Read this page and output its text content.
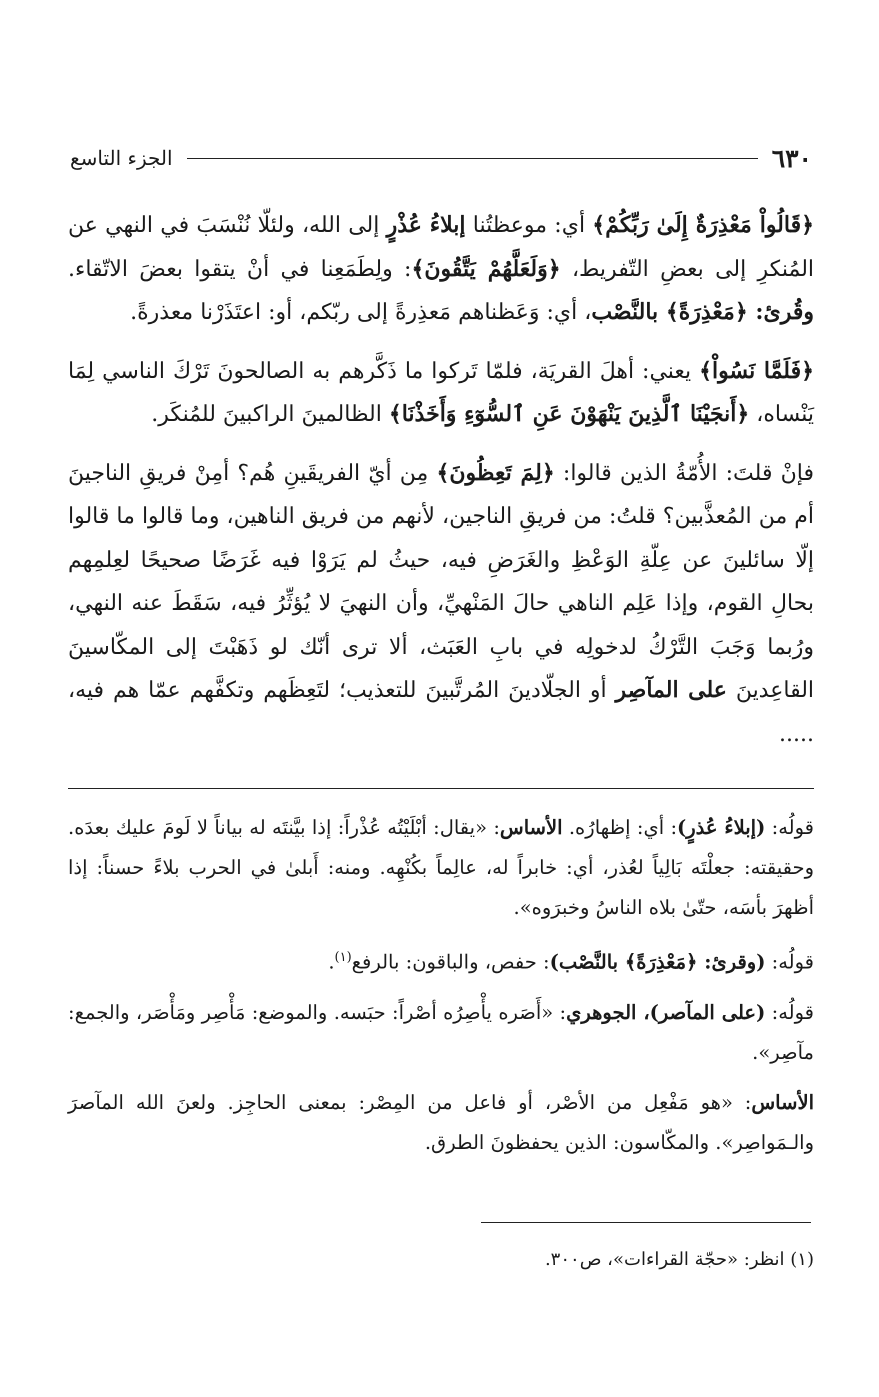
٦٣٠
الجزء التاسع

﴿قَالُواْ مَعْذِرَةٌ إِلَىٰ رَبِّكُمْ﴾ أي: موعظتُنا إبلاءُ عُذْرٍ إلى الله، ولئلّا نُنْسَبَ في النهي عن المُنكرِ إلى بعضِ التّفريط، ﴿وَلَعَلَّهُمْ يَتَّقُونَ﴾: ولِطَمَعِنا في أنْ يتقوا بعضَ الاتّقاء. وقُرئ: ﴿مَعْذِرَةً﴾ بالنَّصْب، أي: وَعَظناهم مَعذِرةً إلى ربّكم، أو: اعتَذَرْنا معذرةً.

﴿فَلَمَّا نَسُواْ﴾ يعني: أهلَ القريَة، فلمّا تَركوا ما ذَكَّرهم به الصالحونَ تَرْكَ الناسي لِمَا يَنْساه، ﴿أَنجَيْنَا ٱلَّذِينَ يَنْهَوْنَ عَنِ ٱلسُّوٓءِ وَأَخَذْنَا﴾ الظالمينَ الراكبينَ للمُنكَر.

فإنْ قلتَ: الأُمّةُ الذين قالوا: ﴿لِمَ تَعِظُونَ﴾ مِن أيّ الفريقَينِ هُم؟ أمِنْ فريقِ الناجينَ أم من المُعذَّبين؟ قلتُ: من فريقِ الناجين، لأنهم من فريق الناهين، وما قالوا ما قالوا إلّا سائلينَ عن عِلّةِ الوَعْظِ والغَرَضِ فيه، حيثُ لم يَرَوْا فيه غَرَضًا صحيحًا لعِلمِهم بحالِ القوم، وإذا عَلِم الناهي حالَ المَنْهيِّ، وأن النهيَ لا يُؤثِّرُ فيه، سَقَطَ عنه النهي، ورُبما وَجَبَ التَّرْكُ لدخولِه في بابِ العَبَث، ألا ترى أنّك لو ذَهَبْتَ إلى المكّاسينَ القاعِدينَ على المآصِر أو الجلّادينَ المُرتَّبينَ للتعذيب؛ لتَعِظَهم وتكفَّهم عمّا هم فيه، .....

قولُه: (إبلاءُ عُذرٍ): أي: إظهارُه. الأساس: «يقال: أبْلَيْتُه عُذْراً: إذا بيَّنتَه له بياناً لا لَومَ عليك بعدَه. وحقيقته: جعلْتَه بَالِياً لعُذر، أي: خابراً له، عالِماً بكُنْهِه. ومنه: أَبلىٰ في الحرب بلاءً حسناً: إذا أظهرَ بأسَه، حتّىٰ بلاه الناسُ وخبرَوه».

قولُه: (وقرئ: ﴿مَعْذِرَةً﴾ بالنَّصْب): حفص، والباقون: بالرفع$^{(١)}$.

قولُه: (على المآصر)، الجوهري: «أَصَره يأْصِرُه أصْراً: حبَسه. والموضع: مَأْصِر ومَأْصَر، والجمع: مآصِر».

الأساس: «هو مَفْعِل من الأصْر، أو فاعل من المِصْر: بمعنى الحاجِز. ولعنَ الله المآصرَ والـمَواصِر». والمكّاسون: الذين يحفظونَ الطرق.

(١) انظر: «حجّة القراءات»، ص٣٠٠.
